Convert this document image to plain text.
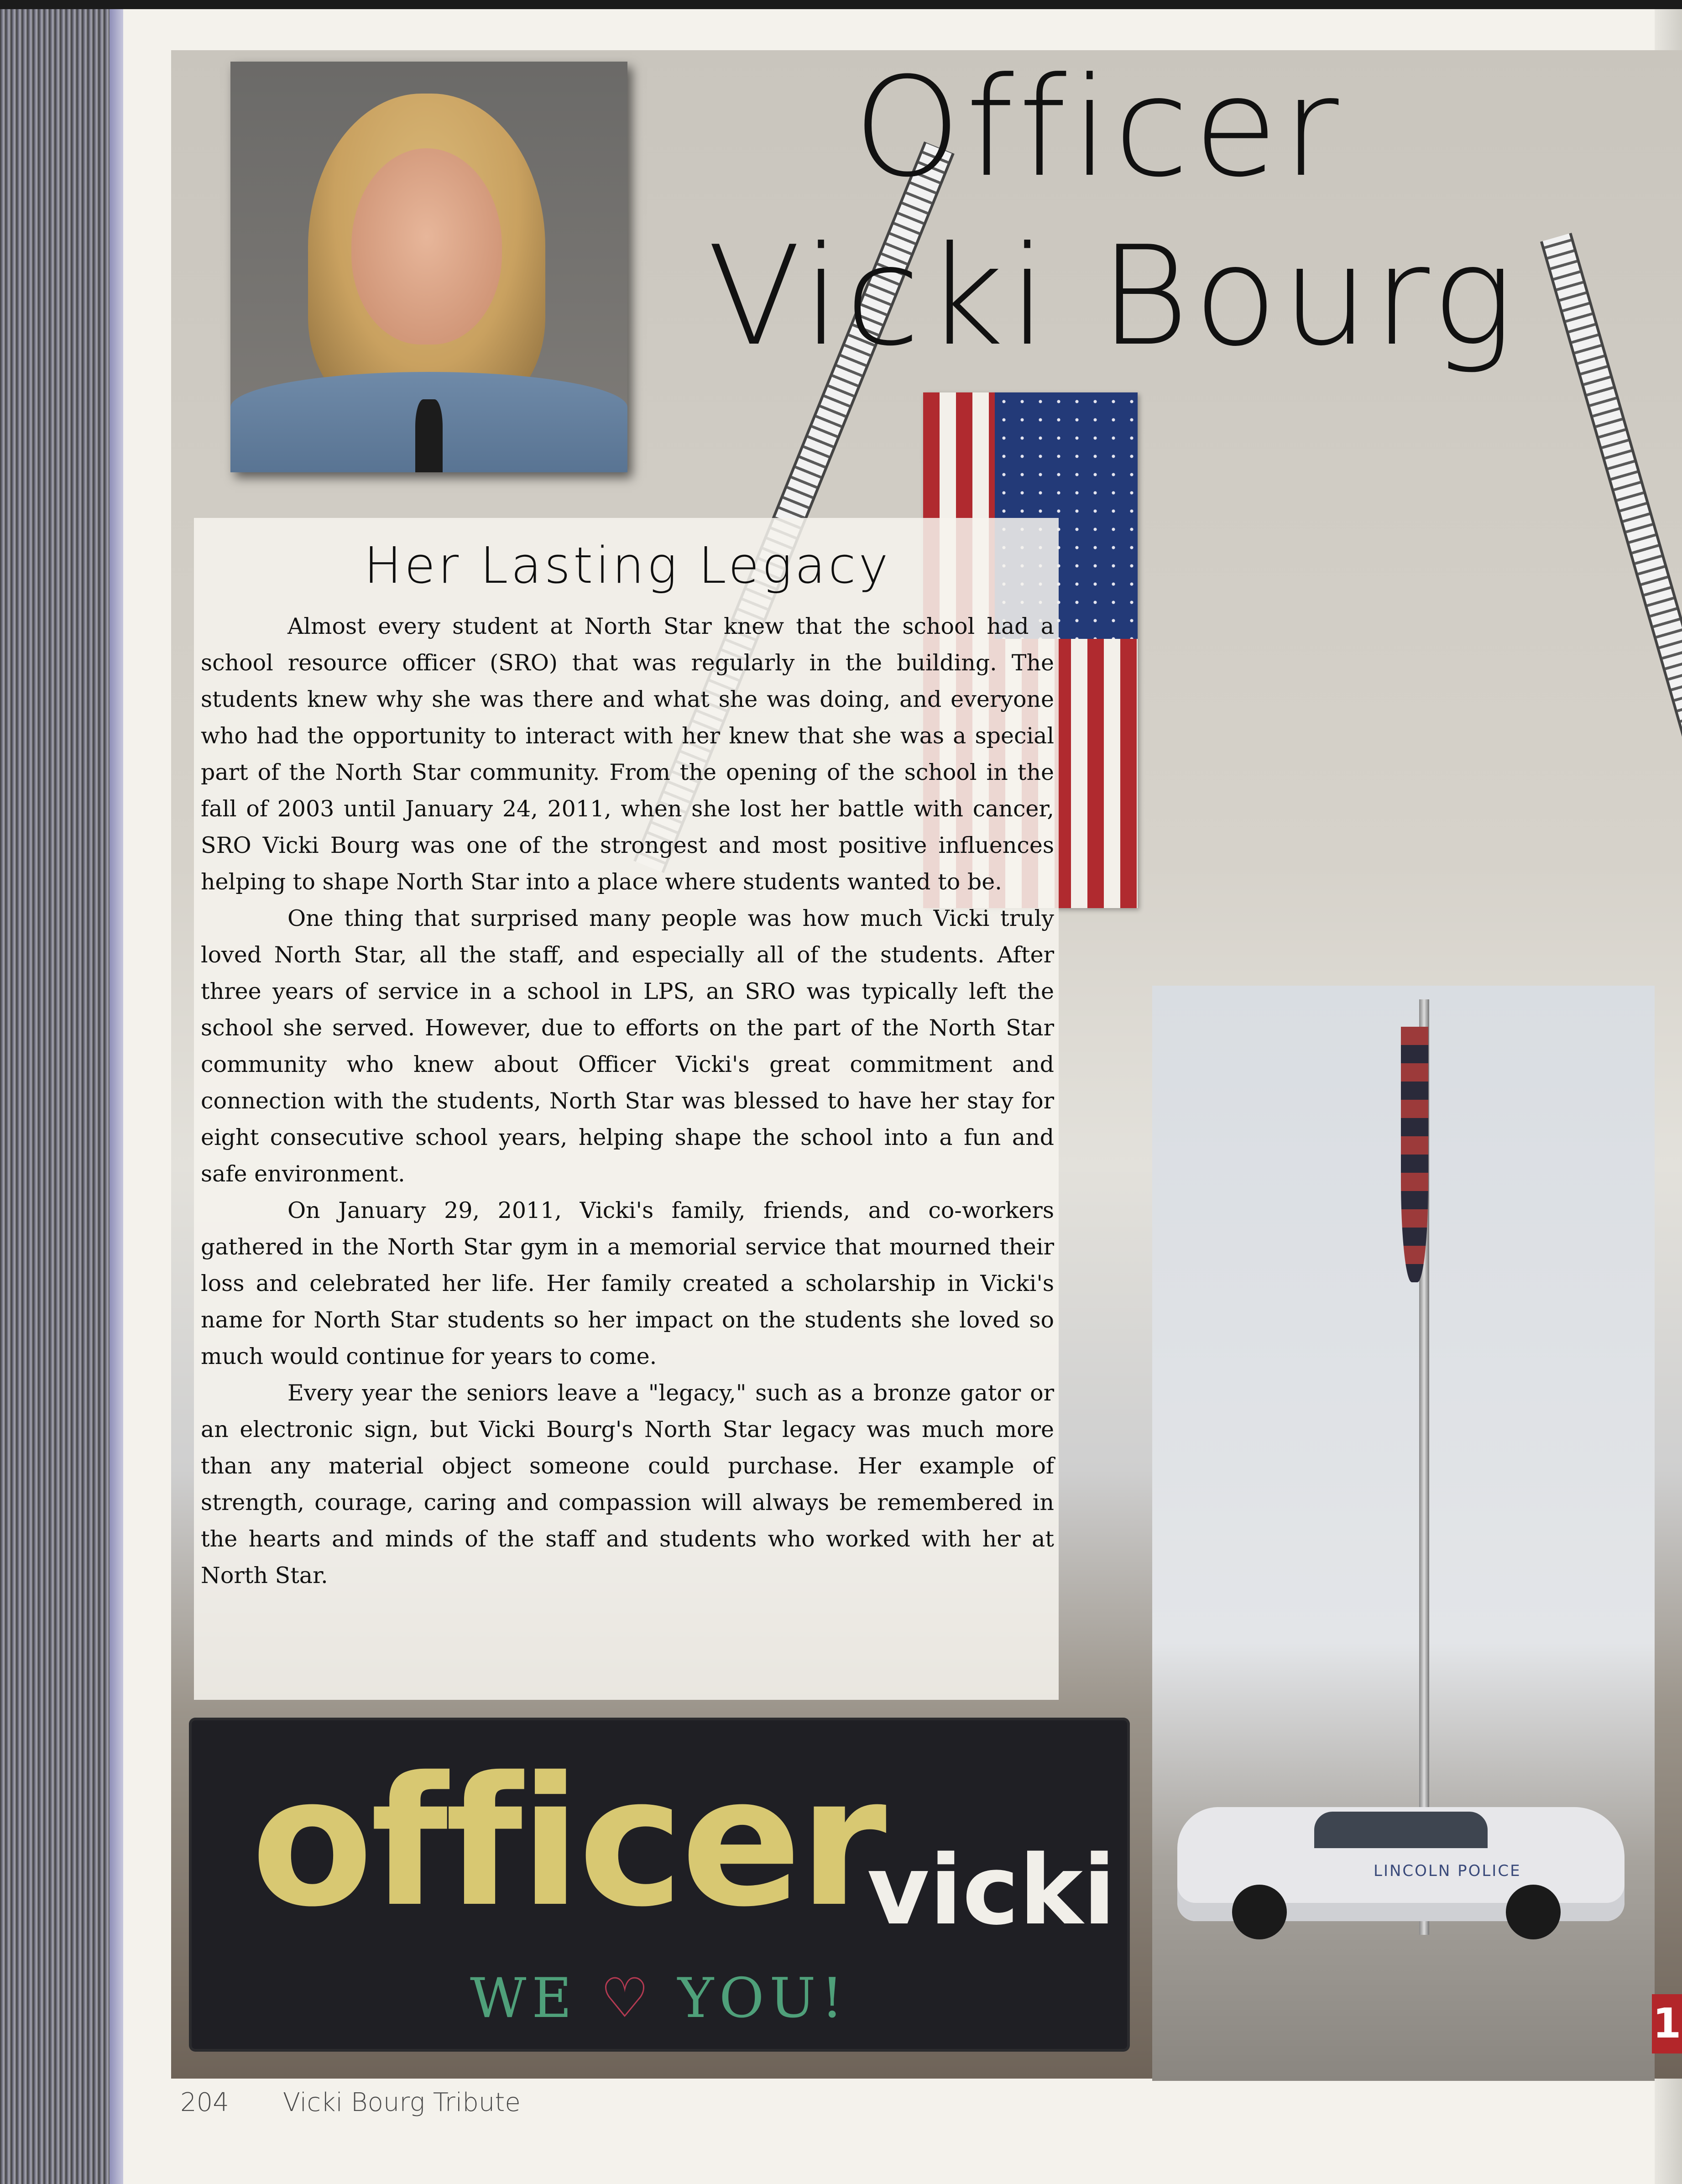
Officer
Vicki Bourg
Her Lasting Legacy

Almost every student at North Star knew that the school had a school resource officer (SRO) that was regularly in the building. The students knew why she was there and what she was doing, and everyone who had the opportunity to interact with her knew that she was a special part of the North Star community. From the opening of the school in the fall of 2003 until January 24, 2011, when she lost her battle with cancer, SRO Vicki Bourg was one of the strongest and most positive influences helping to shape North Star into a place where students wanted to be.

One thing that surprised many people was how much Vicki truly loved North Star, all the staff, and especially all of the students. After three years of service in a school in LPS, an SRO was typically left the school she served. However, due to efforts on the part of the North Star community who knew about Officer Vicki's great commitment and connection with the students, North Star was blessed to have her stay for eight consecutive school years, helping shape the school into a fun and safe environment.

On January 29, 2011, Vicki's family, friends, and co-workers gathered in the North Star gym in a memorial service that mourned their loss and celebrated her life. Her family created a scholarship in Vicki's name for North Star students so her impact on the students she loved so much would continue for years to come.

Every year the seniors leave a "legacy," such as a bronze gator or an electronic sign, but Vicki Bourg's North Star legacy was much more than any material object someone could purchase. Her example of strength, courage, caring and compassion will always be remembered in the hearts and minds of the staff and students who worked with her at North Star.

officer
vicki
WE ♡ YOU!
LINCOLN POLICE
1
204 Vicki Bourg Tribute
